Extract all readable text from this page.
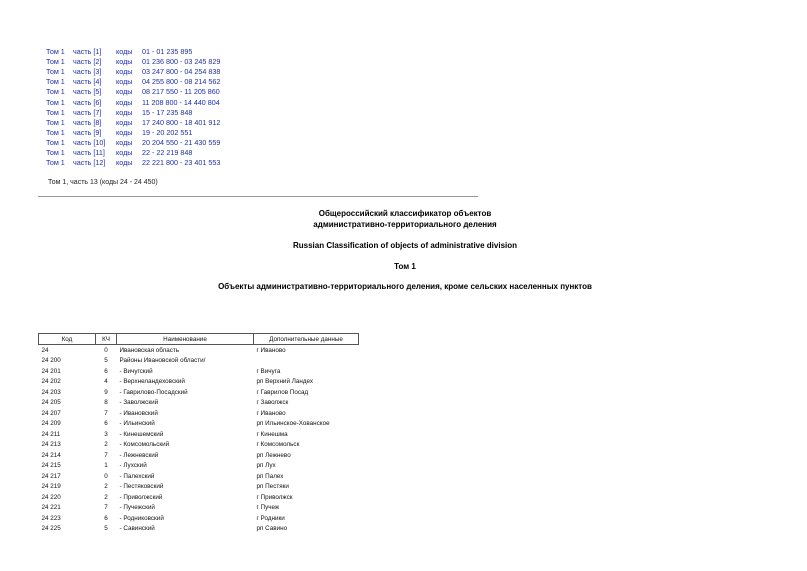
Том 1 часть [1] коды 01 - 01 235 895
Том 1 часть [2] коды 01 236 800 - 03 245 829
Том 1 часть [3] коды 03 247 800 - 04 254 838
Том 1 часть [4] коды 04 255 800 - 08 214 562
Том 1 часть [5] коды 08 217 550 - 11 205 860
Том 1 часть [6] коды 11 208 800 - 14 440 804
Том 1 часть [7] коды 15 - 17 235 848
Том 1 часть [8] коды 17 240 800 - 18 401 912
Том 1 часть [9] коды 19 - 20 202 551
Том 1 часть [10] коды 20 204 550 - 21 430 559
Том 1 часть [11] коды 22 - 22 219 848
Том 1 часть [12] коды 22 221 800 - 23 401 553
Том 1, часть 13 (коды 24 - 24 450)
Общероссийский классификатор объектов
административно-территориального деления
Russian Classification of objects of administrative division
Том 1
Объекты административно-территориального деления, кроме сельских населенных пунктов
Код	КЧ	Наименование	Дополнительные данные
24	0	Ивановская область	г Иваново
24 200	5	Районы Ивановской области/	
24 201	6	- Вичугский	г Вичуга
24 202	4	- Верхнеландеховский	рп Верхний Ландех
24 203	9	- Гаврилово-Посадский	г Гаврилов Посад
24 205	8	- Заволжский	г Заволжск
24 207	7	- Ивановский	г Иваново
24 209	6	- Ильинский	рп Ильинское-Хованское
24 211	3	- Кинешемский	г Кинешма
24 213	2	- Комсомольский	г Комсомольск
24 214	7	- Лежневский	рп Лежнево
24 215	1	- Лухский	рп Лух
24 217	0	- Палехский	рп Палех
24 219	2	- Пестяковский	рп Пестяки
24 220	2	- Приволжский	г Приволжск
24 221	7	- Пучежский	г Пучеж
24 223	6	- Родниковский	г Родники
24 225	5	- Савинский	рп Савино
